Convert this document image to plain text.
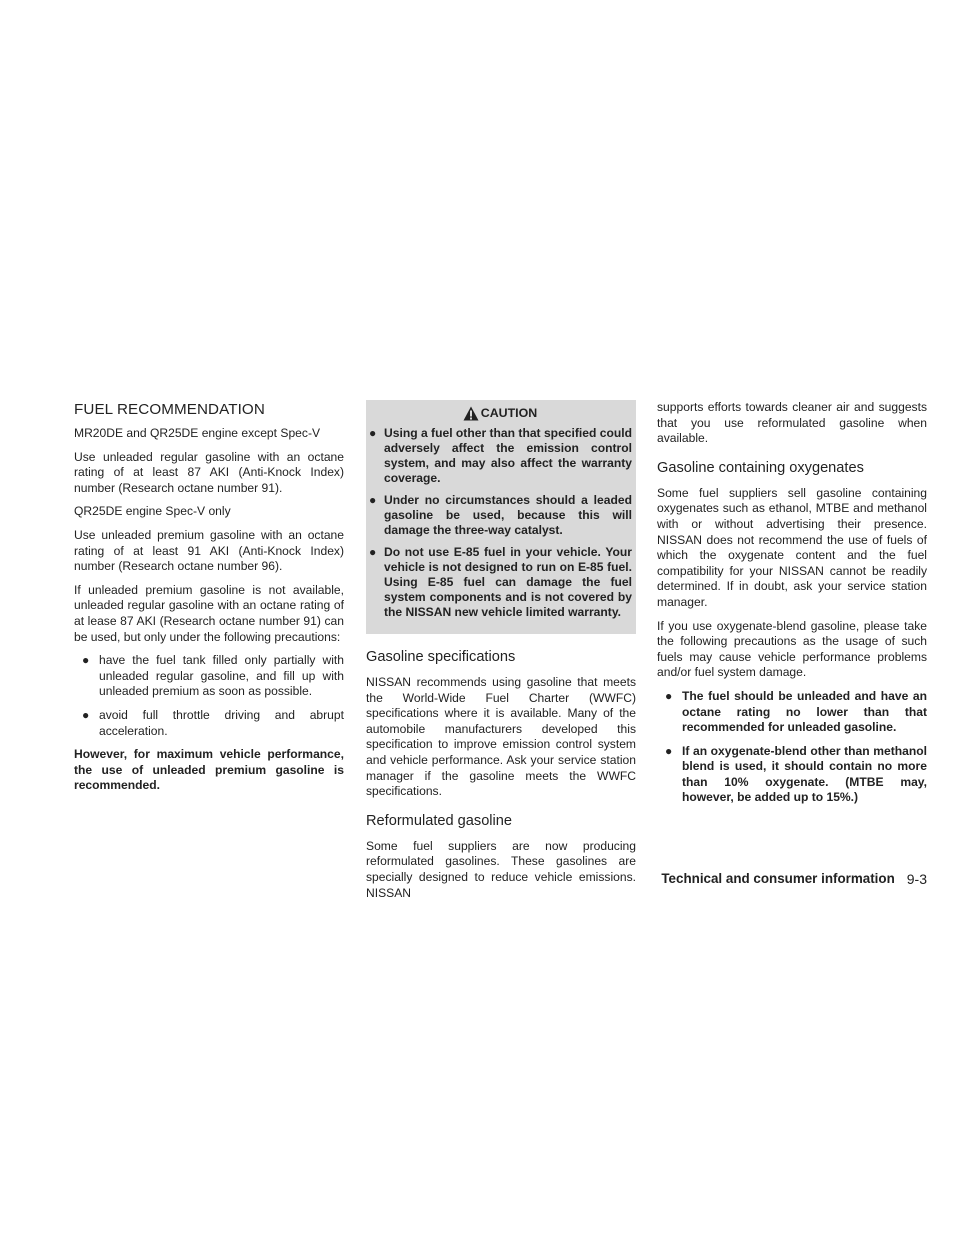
FUEL RECOMMENDATION

MR20DE and QR25DE engine except Spec-V

Use unleaded regular gasoline with an octane rating of at least 87 AKI (Anti-Knock Index) number (Research octane number 91).

QR25DE engine Spec-V only

Use unleaded premium gasoline with an octane rating of at least 91 AKI (Anti-Knock Index) number (Research octane number 96).

If unleaded premium gasoline is not available, unleaded regular gasoline with an octane rating of at lease 87 AKI (Research octane number 91) can be used, but only under the following precautions:

● have the fuel tank filled only partially with unleaded regular gasoline, and fill up with unleaded premium as soon as possible.
● avoid full throttle driving and abrupt acceleration.

However, for maximum vehicle performance, the use of unleaded premium gasoline is recommended.

CAUTION
● Using a fuel other than that specified could adversely affect the emission control system, and may also affect the warranty coverage.
● Under no circumstances should a leaded gasoline be used, because this will damage the three-way catalyst.
● Do not use E-85 fuel in your vehicle. Your vehicle is not designed to run on E-85 fuel. Using E-85 fuel can damage the fuel system components and is not covered by the NISSAN new vehicle limited warranty.
Gasoline specifications

NISSAN recommends using gasoline that meets the World-Wide Fuel Charter (WWFC) specifications where it is available. Many of the automobile manufacturers developed this specification to improve emission control system and vehicle performance. Ask your service station manager if the gasoline meets the WWFC specifications.

Reformulated gasoline

Some fuel suppliers are now producing reformulated gasolines. These gasolines are specially designed to reduce vehicle emissions. NISSAN

supports efforts towards cleaner air and suggests that you use reformulated gasoline when available.

Gasoline containing oxygenates

Some fuel suppliers sell gasoline containing oxygenates such as ethanol, MTBE and methanol with or without advertising their presence. NISSAN does not recommend the use of fuels of which the oxygenate content and the fuel compatibility for your NISSAN cannot be readily determined. If in doubt, ask your service station manager.

If you use oxygenate-blend gasoline, please take the following precautions as the usage of such fuels may cause vehicle performance problems and/or fuel system damage.

● The fuel should be unleaded and have an octane rating no lower than that recommended for unleaded gasoline.
● If an oxygenate-blend other than methanol blend is used, it should contain no more than 10% oxygenate. (MTBE may, however, be added up to 15%.)
Technical and consumer information 9-3
